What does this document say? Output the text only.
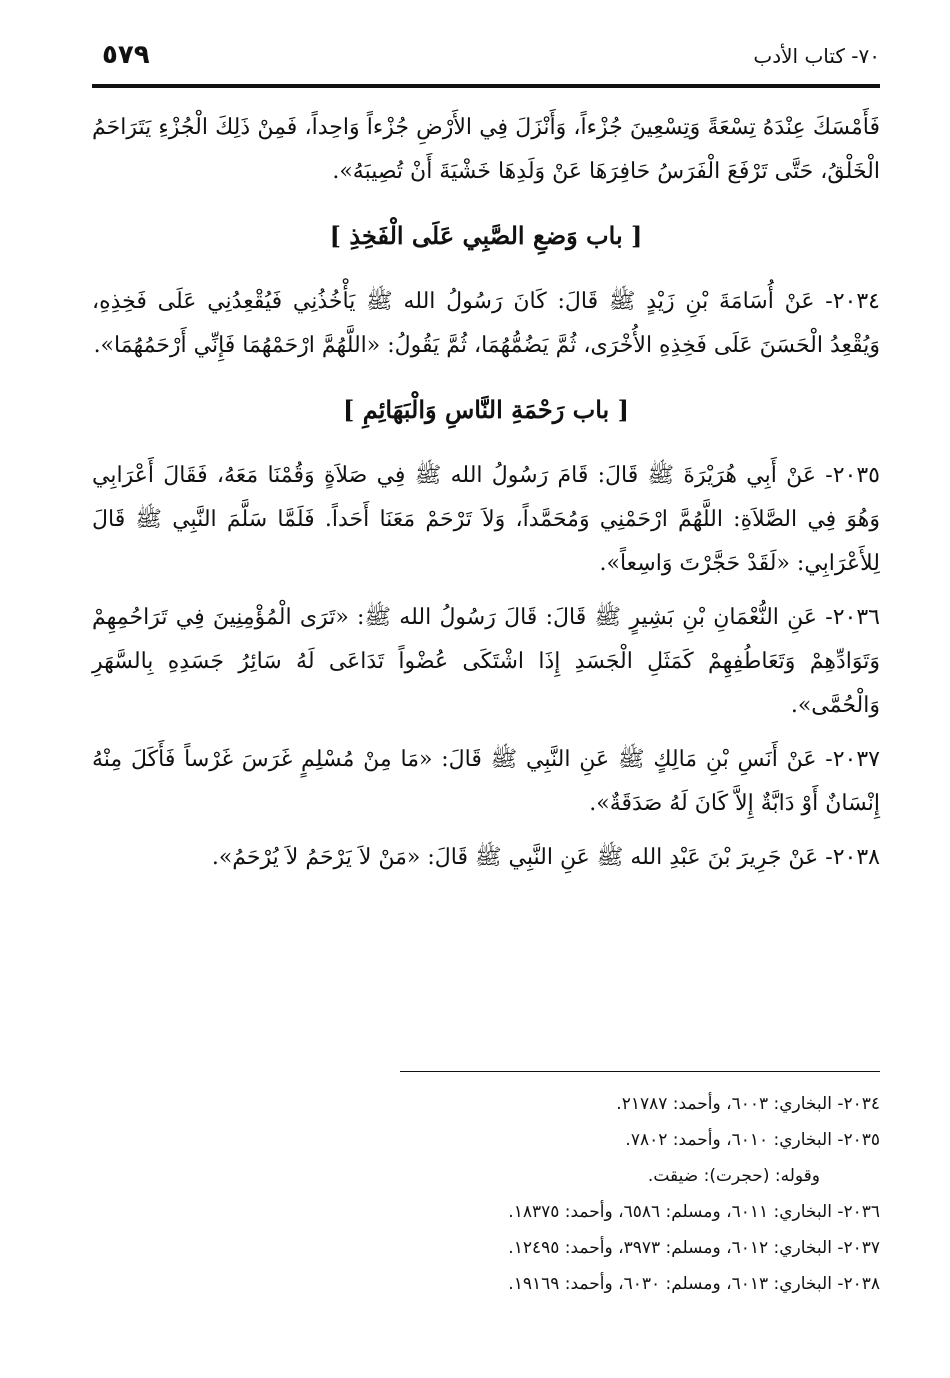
٧٠- كتاب الأدب
٥٧٩

فَأَمْسَكَ عِنْدَهُ تِسْعَةً وَتِسْعِينَ جُزْءاً، وَأَنْزَلَ فِي الأَرْضِ جُزْءاً وَاحِداً، فَمِنْ ذَلِكَ الْجُزْءِ يَتَرَاحَمُ الْخَلْقُ، حَتَّى تَرْفَعَ الْفَرَسُ حَافِرَهَا عَنْ وَلَدِهَا خَشْيَةَ أَنْ تُصِيبَهُ».

[ باب وَضعِ الصَّبِي عَلَى الْفَخِذِ ]

٢٠٣٤- عَنْ أُسَامَةَ بْنِ زَيْدٍ ﷺ قَالَ: كَانَ رَسُولُ الله ﷺ يَأْخُذُنِي فَيُقْعِدُنِي عَلَى فَخِذِهِ، وَيُقْعِدُ الْحَسَنَ عَلَى فَخِذِهِ الأُخْرَى، ثُمَّ يَضُمُّهُمَا، ثُمَّ يَقُولُ: «اللَّهُمَّ ارْحَمْهُمَا فَإِنِّي أَرْحَمُهُمَا».

[ باب رَحْمَةِ النَّاسِ وَالْبَهَائِمِ ]

٢٠٣٥- عَنْ أَبِي هُرَيْرَةَ ﷺ قَالَ: قَامَ رَسُولُ الله ﷺ فِي صَلاَةٍ وَقُمْنَا مَعَهُ، فَقَالَ أَعْرَابِي وَهُوَ فِي الصَّلاَةِ: اللَّهُمَّ ارْحَمْنِي وَمُحَمَّداً، وَلاَ تَرْحَمْ مَعَنَا أَحَداً. فَلَمَّا سَلَّمَ النَّبِي ﷺ قَالَ لِلأَعْرَابِي: «لَقَدْ حَجَّرْتَ وَاسِعاً».

٢٠٣٦- عَنِ النُّعْمَانِ بْنِ بَشِيرٍ ﷺ قَالَ: قَالَ رَسُولُ الله ﷺ: «تَرَى الْمُؤْمِنِينَ فِي تَرَاحُمِهِمْ وَتَوَادِّهِمْ وَتَعَاطُفِهِمْ كَمَثَلِ الْجَسَدِ إِذَا اشْتَكَى عُضْواً تَدَاعَى لَهُ سَائِرُ جَسَدِهِ بِالسَّهَرِ وَالْحُمَّى».

٢٠٣٧- عَنْ أَنَسِ بْنِ مَالِكٍ ﷺ عَنِ النَّبِي ﷺ قَالَ: «مَا مِنْ مُسْلِمٍ غَرَسَ غَرْساً فَأَكَلَ مِنْهُ إِنْسَانٌ أَوْ دَابَّةٌ إِلاَّ كَانَ لَهُ صَدَقَةٌ».

٢٠٣٨- عَنْ جَرِيرَ بْنَ عَبْدِ الله ﷺ عَنِ النَّبِي ﷺ قَالَ: «مَنْ لاَ يَرْحَمُ لاَ يُرْحَمُ».

٢٠٣٤- البخاري: ٦٠٠٣، وأحمد: ٢١٧٨٧.
٢٠٣٥- البخاري: ٦٠١٠، وأحمد: ٧٨٠٢.
وقوله: (حجرت): ضيقت.
٢٠٣٦- البخاري: ٦٠١١، ومسلم: ٦٥٨٦، وأحمد: ١٨٣٧٥.
٢٠٣٧- البخاري: ٦٠١٢، ومسلم: ٣٩٧٣، وأحمد: ١٢٤٩٥.
٢٠٣٨- البخاري: ٦٠١٣، ومسلم: ٦٠٣٠، وأحمد: ١٩١٦٩.
